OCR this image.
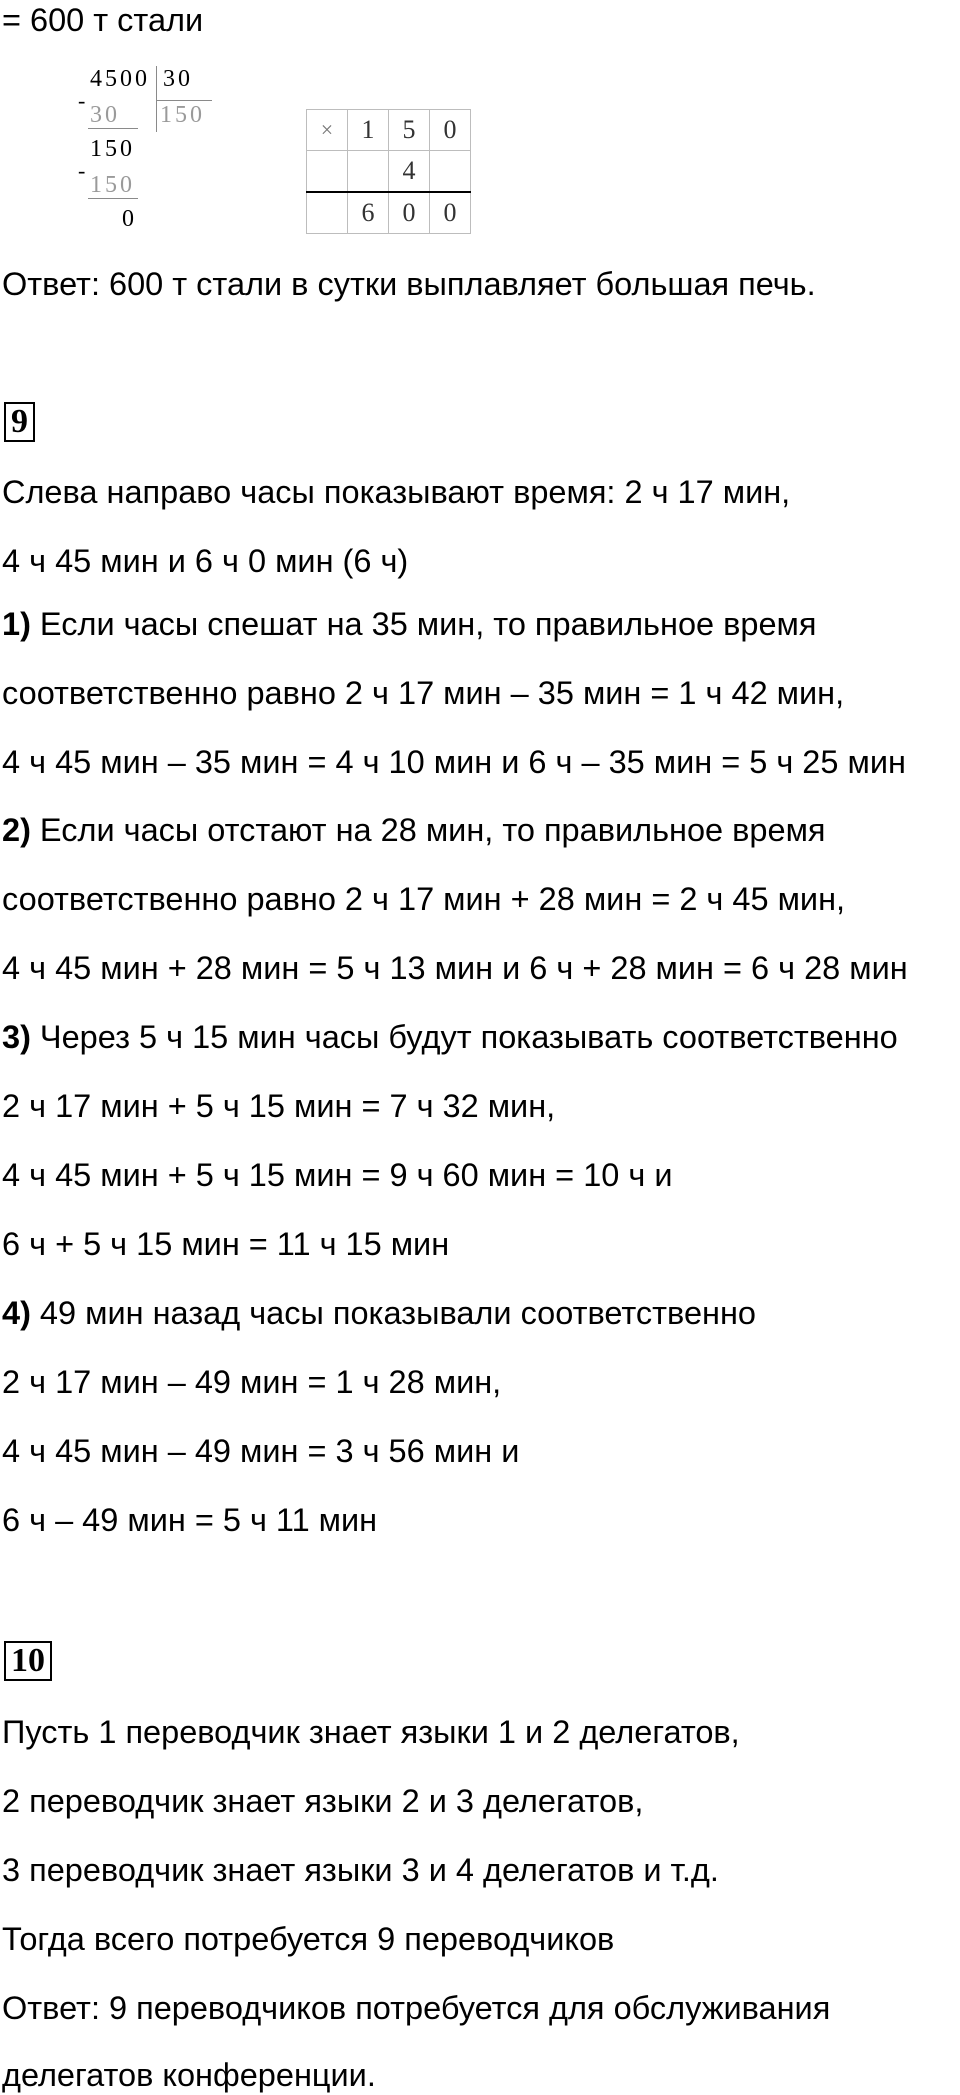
= 600 т стали
4500 30
-
30 150
150
-
150
0
×	1	5	0
		4	
	6	0	0
Ответ: 600 т стали в сутки выплавляет большая печь.
9
Слева направо часы показывают время: 2 ч 17 мин,
4 ч 45 мин и 6 ч 0 мин (6 ч)
1) Если часы спешат на 35 мин, то правильное время
соответственно равно 2 ч 17 мин – 35 мин = 1 ч 42 мин,
4 ч 45 мин – 35 мин = 4 ч 10 мин и 6 ч – 35 мин = 5 ч 25 мин
2) Если часы отстают на 28 мин, то правильное время
соответственно равно 2 ч 17 мин + 28 мин = 2 ч 45 мин,
4 ч 45 мин + 28 мин = 5 ч 13 мин и 6 ч + 28 мин = 6 ч 28 мин
3) Через 5 ч 15 мин часы будут показывать соответственно
2 ч 17 мин + 5 ч 15 мин = 7 ч 32 мин,
4 ч 45 мин + 5 ч 15 мин = 9 ч 60 мин = 10 ч и
6 ч + 5 ч 15 мин = 11 ч 15 мин
4) 49 мин назад часы показывали соответственно
2 ч 17 мин – 49 мин = 1 ч 28 мин,
4 ч 45 мин – 49 мин = 3 ч 56 мин и
6 ч – 49 мин = 5 ч 11 мин
10
Пусть 1 переводчик знает языки 1 и 2 делегатов,
2 переводчик знает языки 2 и 3 делегатов,
3 переводчик знает языки 3 и 4 делегатов и т.д.
Тогда всего потребуется 9 переводчиков
Ответ: 9 переводчиков потребуется для обслуживания
делегатов конференции.
